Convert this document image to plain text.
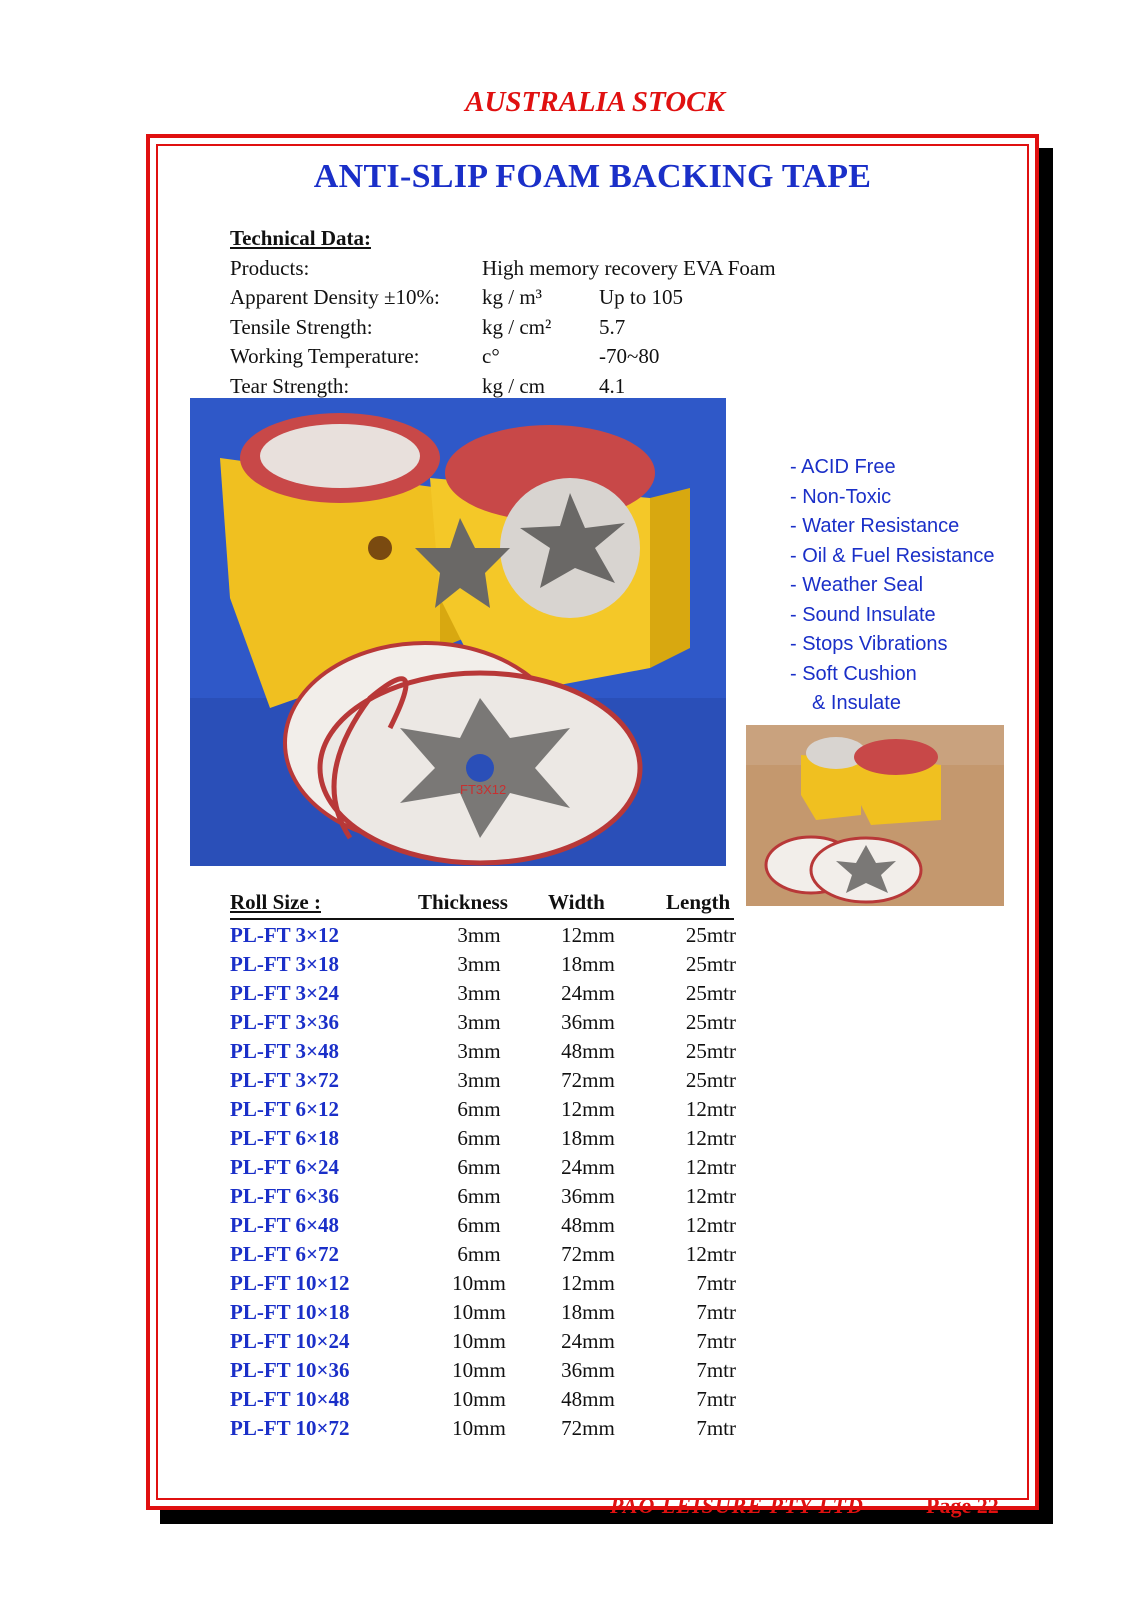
AUSTRALIA STOCK
ANTI-SLIP FOAM BACKING TAPE
Technical Data:
Products:	High memory recovery EVA Foam
Apparent Density ±10%: kg / m³	Up to 105
Tensile Strength:	kg / cm² 5.7
Working Temperature:	c°	-70~80
Tear Strength:	kg / cm	4.1
FT3X12
- ACID Free
- Non-Toxic
- Water Resistance
- Oil & Fuel Resistance
- Weather Seal
- Sound Insulate
- Stops Vibrations
- Soft Cushion
& Insulate
Roll Size :	Thickness Width	Length
PL-FT 3×12	3mm	12mm	25mtr
PL-FT 3×18	3mm	18mm	25mtr
PL-FT 3×24	3mm	24mm	25mtr
PL-FT 3×36	3mm	36mm	25mtr
PL-FT 3×48	3mm	48mm	25mtr
PL-FT 3×72	3mm	72mm	25mtr
PL-FT 6×12	6mm	12mm	12mtr
PL-FT 6×18	6mm	18mm	12mtr
PL-FT 6×24	6mm	24mm	12mtr
PL-FT 6×36	6mm	36mm	12mtr
PL-FT 6×48	6mm	48mm	12mtr
PL-FT 6×72	6mm	72mm	12mtr
PL-FT 10×12	10mm	12mm	7mtr
PL-FT 10×18	10mm	18mm	7mtr
PL-FT 10×24	10mm	24mm	7mtr
PL-FT 10×36	10mm	36mm	7mtr
PL-FT 10×48	10mm	48mm	7mtr
PL-FT 10×72	10mm	72mm	7mtr
PAO LEISURE PTY LTD	Page 22
